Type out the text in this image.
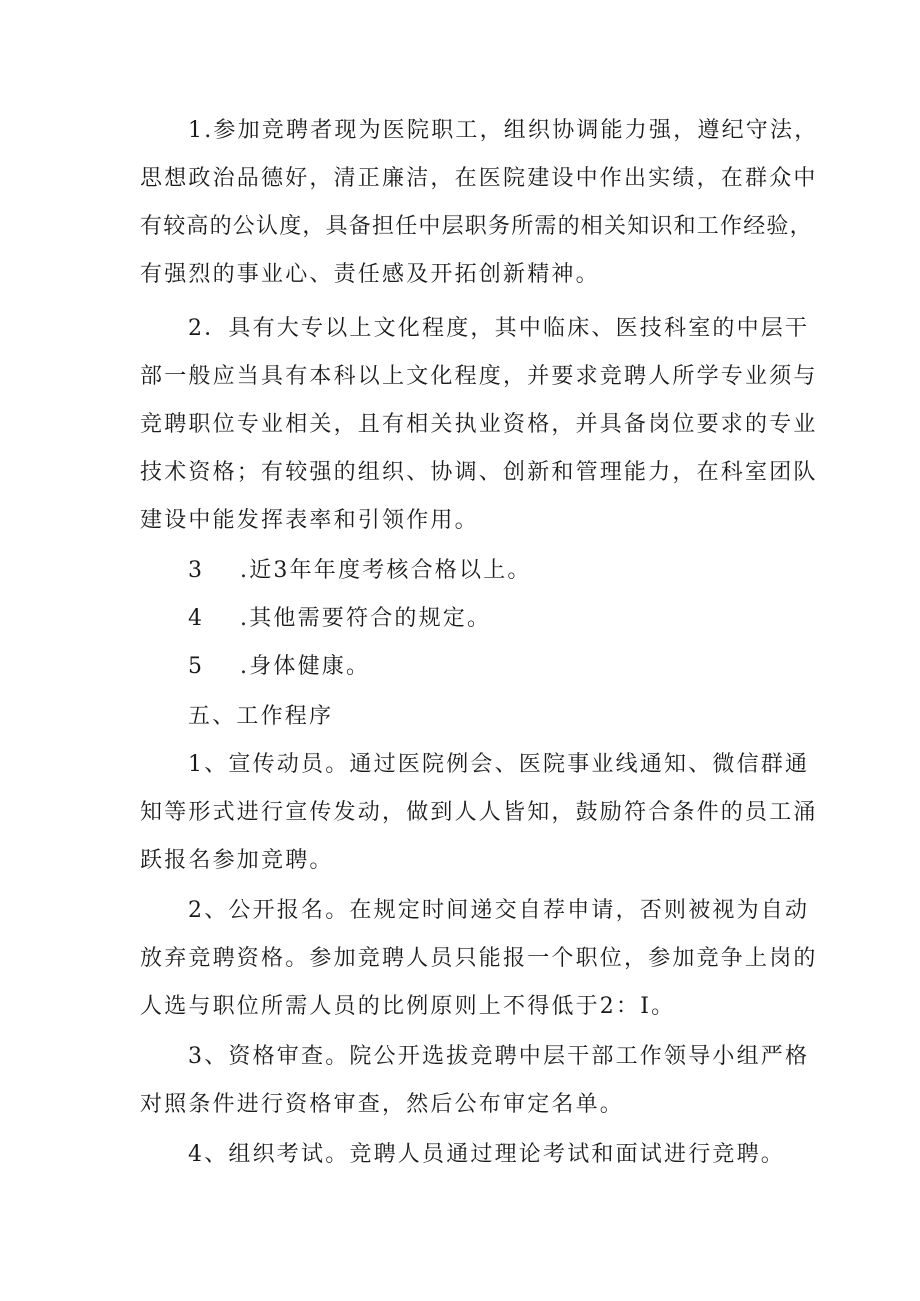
1.参加竞聘者现为医院职工，组织协调能力强，遵纪守法，
思想政治品德好，清正廉洁，在医院建设中作出实绩，在群众中
有较高的公认度，具备担任中层职务所需的相关知识和工作经验，
有强烈的事业心、责任感及开拓创新精神。
2．具有大专以上文化程度，其中临床、医技科室的中层干
部一般应当具有本科以上文化程度，并要求竞聘人所学专业须与
竞聘职位专业相关，且有相关执业资格，并具备岗位要求的专业
技术资格；有较强的组织、协调、创新和管理能力，在科室团队
建设中能发挥表率和引领作用。
3 .近3年年度考核合格以上。
4 .其他需要符合的规定。
5 .身体健康。
五、工作程序
1、宣传动员。通过医院例会、医院事业线通知、微信群通
知等形式进行宣传发动，做到人人皆知，鼓励符合条件的员工涌
跃报名参加竞聘。
2、公开报名。在规定时间递交自荐申请，否则被视为自动
放弃竞聘资格。参加竞聘人员只能报一个职位，参加竞争上岗的
人选与职位所需人员的比例原则上不得低于2：I。
3、资格审查。院公开选拔竞聘中层干部工作领导小组严格
对照条件进行资格审查，然后公布审定名单。
4、组织考试。竞聘人员通过理论考试和面试进行竞聘。
